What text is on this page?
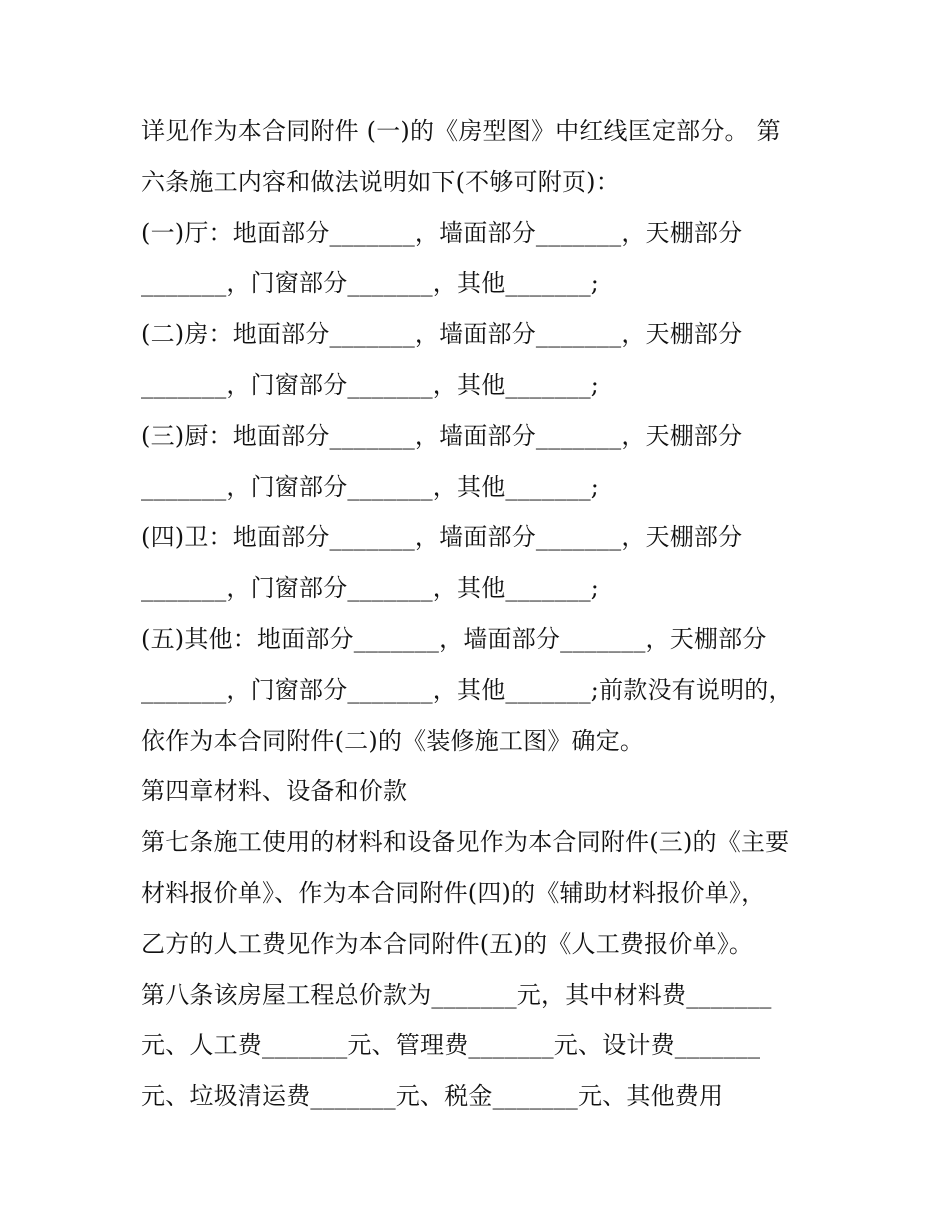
详见作为本合同附件 (一)的《房型图》中红线匡定部分。 第
六条施工内容和做法说明如下(不够可附页)：
(一)厅：地面部分_______，墙面部分_______，天棚部分
_______，门窗部分_______，其他_______;
(二)房：地面部分_______，墙面部分_______，天棚部分
_______，门窗部分_______，其他_______;
(三)厨：地面部分_______，墙面部分_______，天棚部分
_______，门窗部分_______，其他_______;
(四)卫：地面部分_______，墙面部分_______，天棚部分
_______，门窗部分_______，其他_______;
(五)其他：地面部分_______，墙面部分_______，天棚部分
_______，门窗部分_______，其他_______;前款没有说明的，
依作为本合同附件(二)的《装修施工图》确定。
第四章材料、设备和价款
第七条施工使用的材料和设备见作为本合同附件(三)的《主要
材料报价单》、作为本合同附件(四)的《辅助材料报价单》，
乙方的人工费见作为本合同附件(五)的《人工费报价单》。
第八条该房屋工程总价款为_______元，其中材料费_______
元、人工费_______元、管理费_______元、设计费_______
元、垃圾清运费_______元、税金_______元、其他费用
